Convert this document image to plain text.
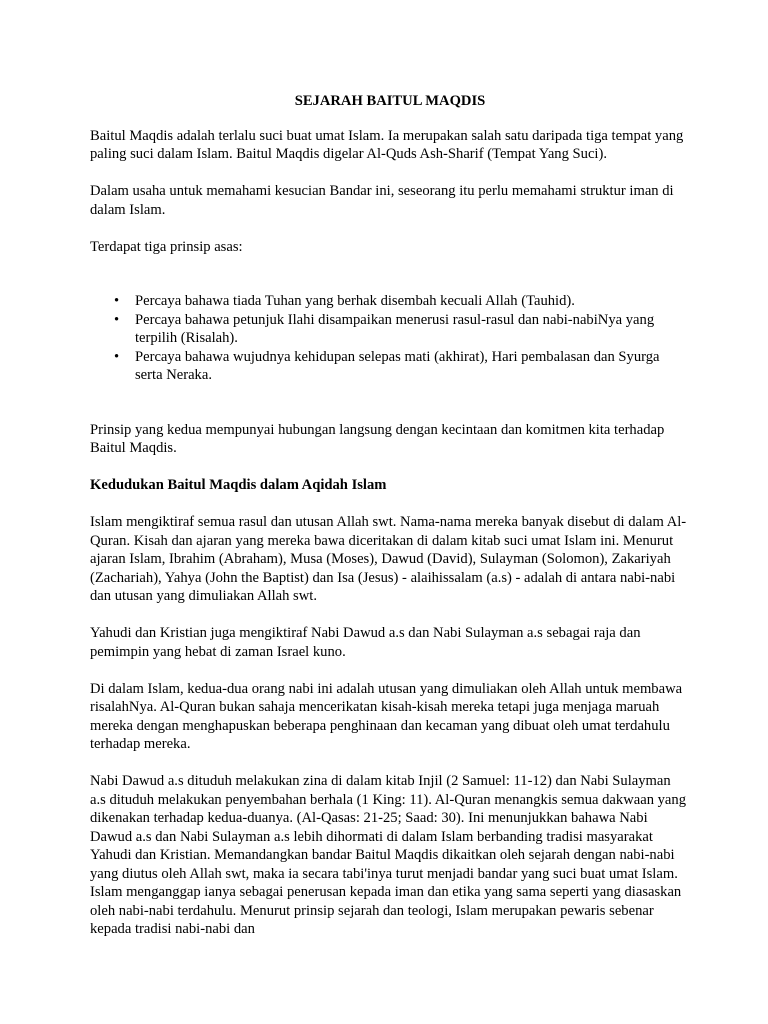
SEJARAH BAITUL MAQDIS

Baitul Maqdis adalah terlalu suci buat umat Islam. Ia merupakan salah satu daripada tiga tempat yang paling suci dalam Islam. Baitul Maqdis digelar Al-Quds Ash-Sharif (Tempat Yang Suci).

Dalam usaha untuk memahami kesucian Bandar ini, seseorang itu perlu memahami struktur iman di dalam Islam.

Terdapat tiga prinsip asas:

• Percaya bahawa tiada Tuhan yang berhak disembah kecuali Allah (Tauhid).
• Percaya bahawa petunjuk Ilahi disampaikan menerusi rasul-rasul dan nabi-nabiNya yang terpilih (Risalah).
• Percaya bahawa wujudnya kehidupan selepas mati (akhirat), Hari pembalasan dan Syurga serta Neraka.

Prinsip yang kedua mempunyai hubungan langsung dengan kecintaan dan komitmen kita terhadap Baitul Maqdis.

Kedudukan Baitul Maqdis dalam Aqidah Islam

Islam mengiktiraf semua rasul dan utusan Allah swt. Nama-nama mereka banyak disebut di dalam Al-Quran. Kisah dan ajaran yang mereka bawa diceritakan di dalam kitab suci umat Islam ini. Menurut ajaran Islam, Ibrahim (Abraham), Musa (Moses), Dawud (David), Sulayman (Solomon), Zakariyah (Zachariah), Yahya (John the Baptist) dan Isa (Jesus) - alaihissalam (a.s) - adalah di antara nabi-nabi dan utusan yang dimuliakan Allah swt.

Yahudi dan Kristian juga mengiktiraf Nabi Dawud a.s dan Nabi Sulayman a.s sebagai raja dan pemimpin yang hebat di zaman Israel kuno.

Di dalam Islam, kedua-dua orang nabi ini adalah utusan yang dimuliakan oleh Allah untuk membawa risalahNya. Al-Quran bukan sahaja mencerikatan kisah-kisah mereka tetapi juga menjaga maruah mereka dengan menghapuskan beberapa penghinaan dan kecaman yang dibuat oleh umat terdahulu terhadap mereka.

Nabi Dawud a.s dituduh melakukan zina di dalam kitab Injil (2 Samuel: 11-12) dan Nabi Sulayman a.s dituduh melakukan penyembahan berhala (1 King: 11). Al-Quran menangkis semua dakwaan yang dikenakan terhadap kedua-duanya. (Al-Qasas: 21-25; Saad: 30). Ini menunjukkan bahawa Nabi Dawud a.s dan Nabi Sulayman a.s lebih dihormati di dalam Islam berbanding tradisi masyarakat Yahudi dan Kristian. Memandangkan bandar Baitul Maqdis dikaitkan oleh sejarah dengan nabi-nabi yang diutus oleh Allah swt, maka ia secara tabi'inya turut menjadi bandar yang suci buat umat Islam. Islam menganggap ianya sebagai penerusan kepada iman dan etika yang sama seperti yang diasaskan oleh nabi-nabi terdahulu. Menurut prinsip sejarah dan teologi, Islam merupakan pewaris sebenar kepada tradisi nabi-nabi dan
